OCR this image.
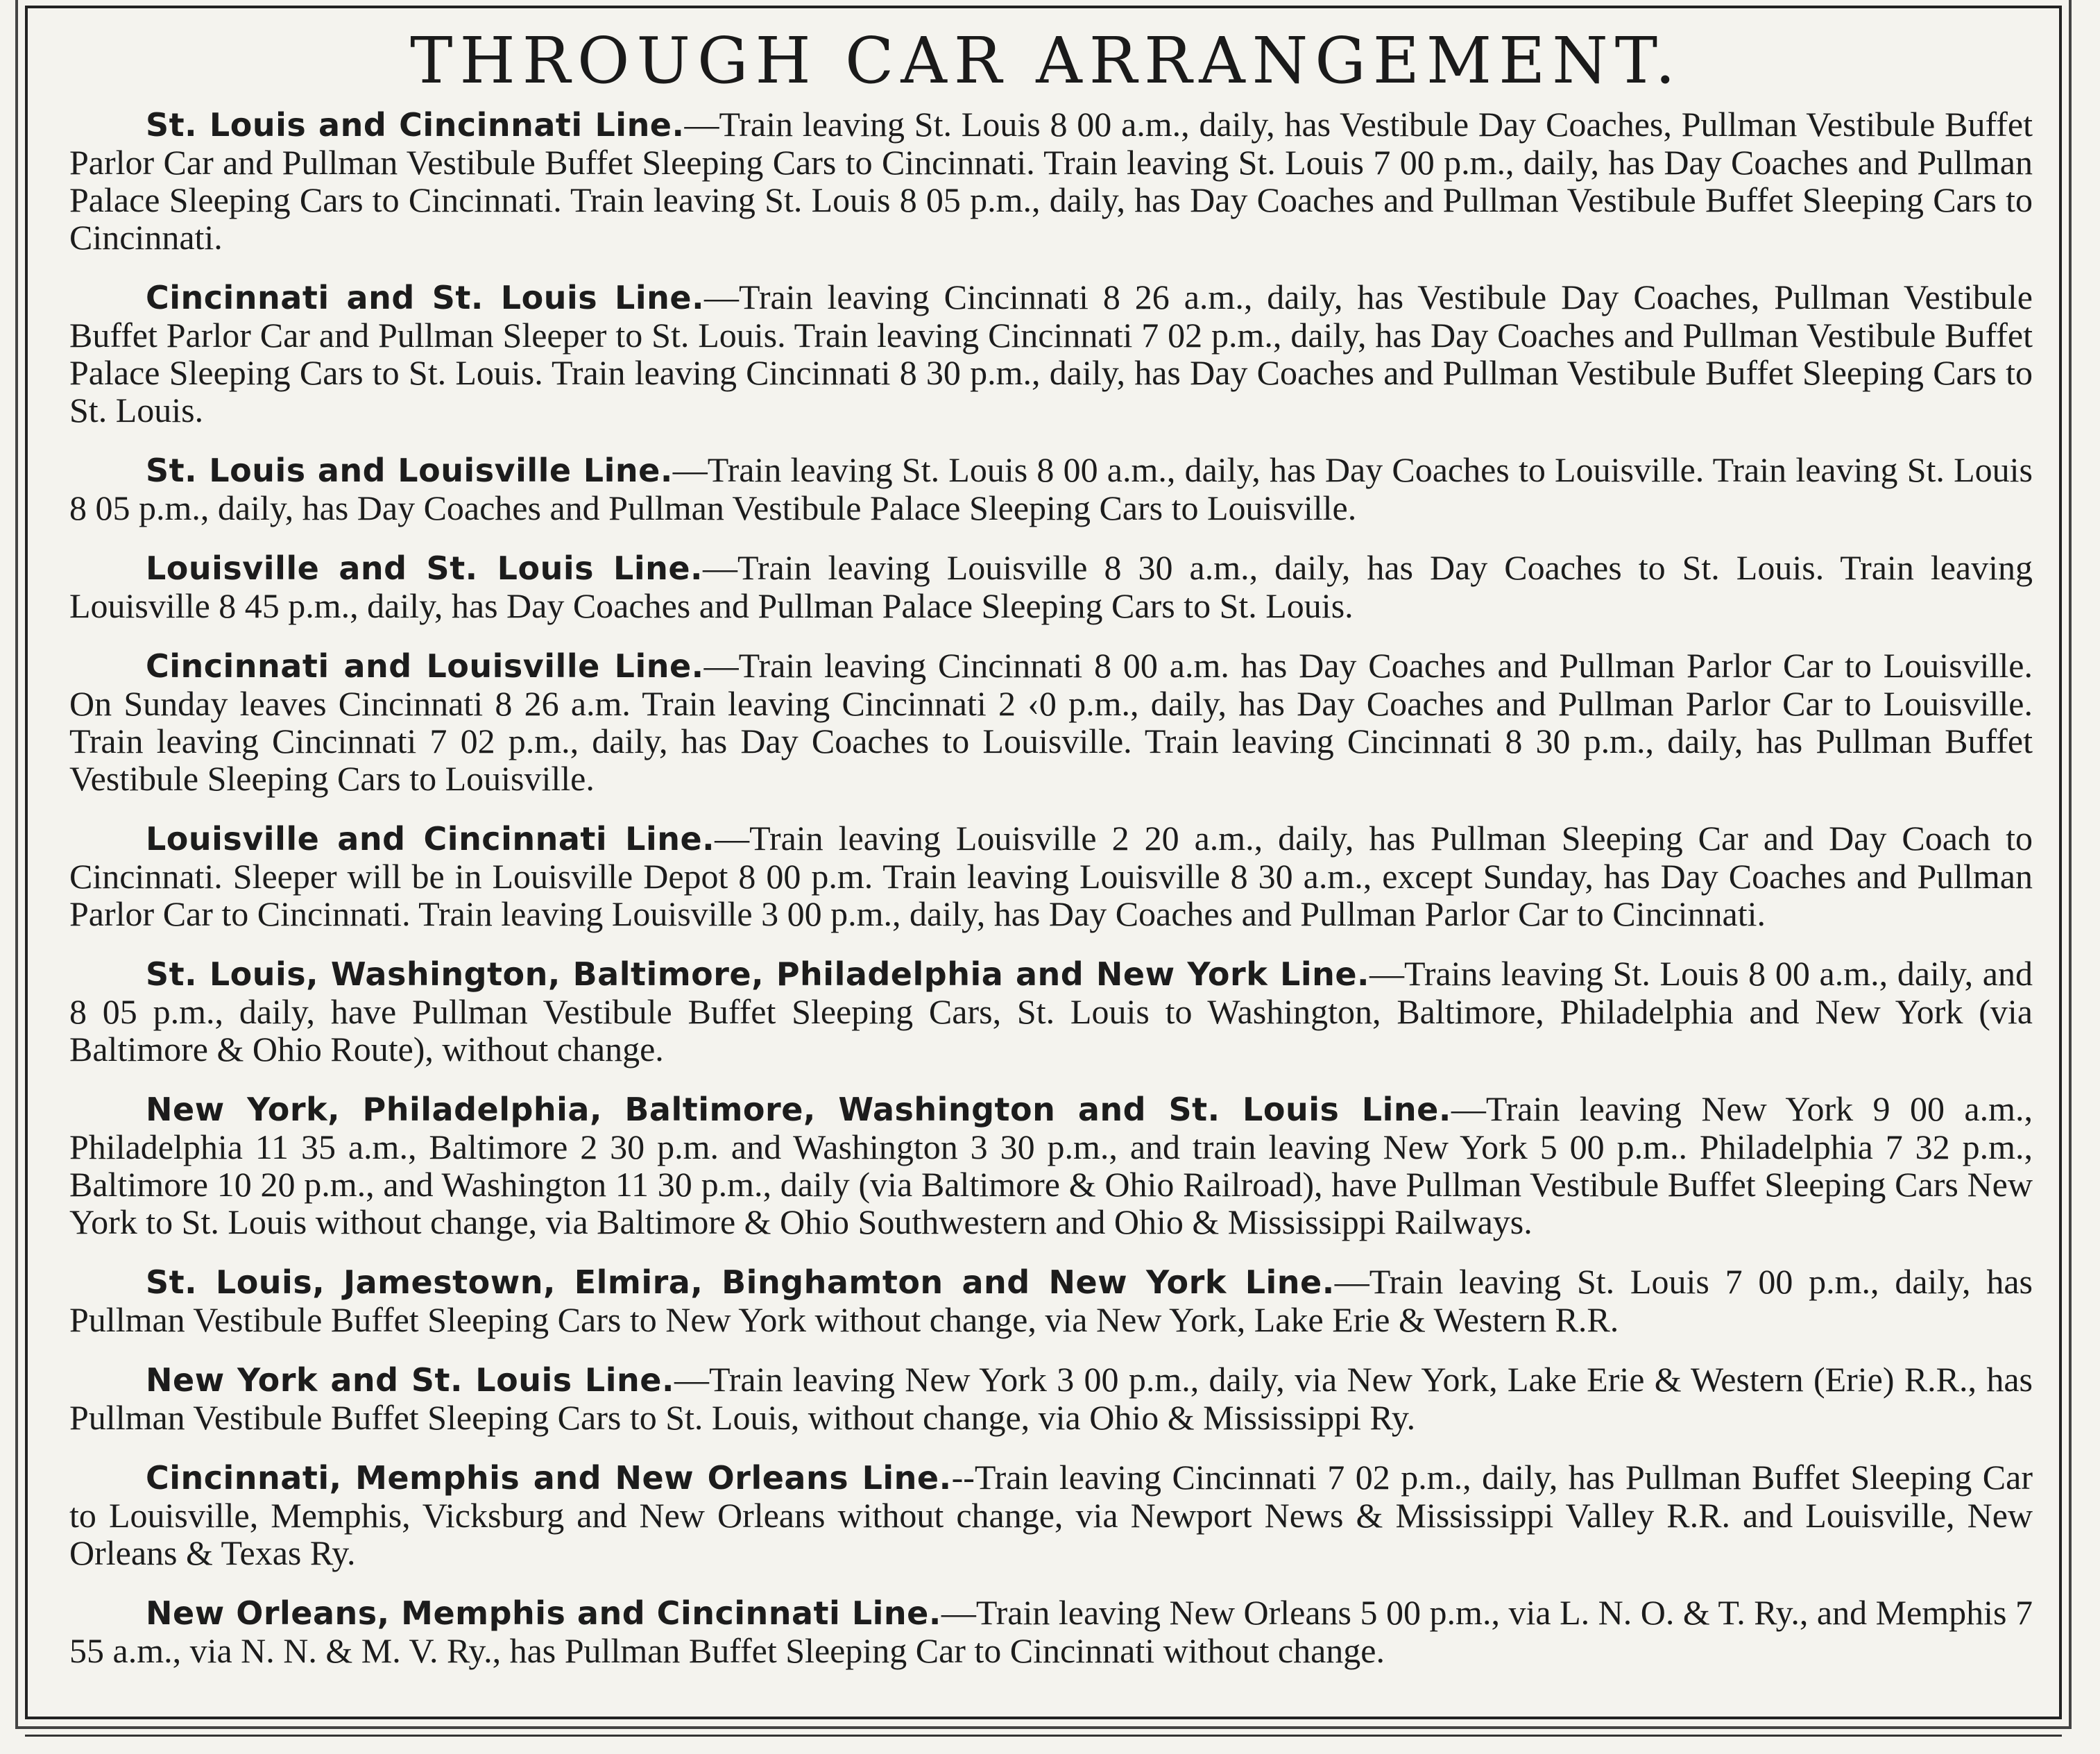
THROUGH CAR ARRANGEMENT.

St. Louis and Cincinnati Line.—Train leaving St. Louis 8 00 a.m., daily, has Vestibule Day Coaches, Pullman Vestibule Buffet Parlor Car and Pullman Vestibule Buffet Sleeping Cars to Cincinnati. Train leaving St. Louis 7 00 p.m., daily, has Day Coaches and Pullman Palace Sleeping Cars to Cincinnati. Train leaving St. Louis 8 05 p.m., daily, has Day Coaches and Pullman Vestibule Buffet Sleeping Cars to Cincinnati.

Cincinnati and St. Louis Line.—Train leaving Cincinnati 8 26 a.m., daily, has Vestibule Day Coaches, Pullman Vestibule Buffet Parlor Car and Pullman Sleeper to St. Louis. Train leaving Cincinnati 7 02 p.m., daily, has Day Coaches and Pullman Vestibule Buffet Palace Sleeping Cars to St. Louis. Train leaving Cincinnati 8 30 p.m., daily, has Day Coaches and Pullman Vestibule Buffet Sleeping Cars to St. Louis.

St. Louis and Louisville Line.—Train leaving St. Louis 8 00 a.m., daily, has Day Coaches to Louisville. Train leaving St. Louis 8 05 p.m., daily, has Day Coaches and Pullman Vestibule Palace Sleeping Cars to Louisville.

Louisville and St. Louis Line.—Train leaving Louisville 8 30 a.m., daily, has Day Coaches to St. Louis. Train leaving Louisville 8 45 p.m., daily, has Day Coaches and Pullman Palace Sleeping Cars to St. Louis.

Cincinnati and Louisville Line.—Train leaving Cincinnati 8 00 a.m. has Day Coaches and Pullman Parlor Car to Louisville. On Sunday leaves Cincinnati 8 26 a.m. Train leaving Cincinnati 2 ‹0 p.m., daily, has Day Coaches and Pullman Parlor Car to Louisville. Train leaving Cincinnati 7 02 p.m., daily, has Day Coaches to Louisville. Train leaving Cincinnati 8 30 p.m., daily, has Pullman Buffet Vestibule Sleeping Cars to Louisville.

Louisville and Cincinnati Line.—Train leaving Louisville 2 20 a.m., daily, has Pullman Sleeping Car and Day Coach to Cincinnati. Sleeper will be in Louisville Depot 8 00 p.m. Train leaving Louisville 8 30 a.m., except Sunday, has Day Coaches and Pullman Parlor Car to Cincinnati. Train leaving Louisville 3 00 p.m., daily, has Day Coaches and Pullman Parlor Car to Cincinnati.

St. Louis, Washington, Baltimore, Philadelphia and New York Line.—Trains leaving St. Louis 8 00 a.m., daily, and 8 05 p.m., daily, have Pullman Vestibule Buffet Sleeping Cars, St. Louis to Washington, Baltimore, Philadelphia and New York (via Baltimore & Ohio Route), without change.

New York, Philadelphia, Baltimore, Washington and St. Louis Line.—Train leaving New York 9 00 a.m., Philadelphia 11 35 a.m., Baltimore 2 30 p.m. and Washington 3 30 p.m., and train leaving New York 5 00 p.m.. Philadelphia 7 32 p.m., Baltimore 10 20 p.m., and Washington 11 30 p.m., daily (via Baltimore & Ohio Railroad), have Pullman Vestibule Buffet Sleeping Cars New York to St. Louis without change, via Baltimore & Ohio Southwestern and Ohio & Mississippi Railways.

St. Louis, Jamestown, Elmira, Binghamton and New York Line.—Train leaving St. Louis 7 00 p.m., daily, has Pullman Vestibule Buffet Sleeping Cars to New York without change, via New York, Lake Erie & Western R.R.

New York and St. Louis Line.—Train leaving New York 3 00 p.m., daily, via New York, Lake Erie & Western (Erie) R.R., has Pullman Vestibule Buffet Sleeping Cars to St. Louis, without change, via Ohio & Mississippi Ry.

Cincinnati, Memphis and New Orleans Line.--Train leaving Cincinnati 7 02 p.m., daily, has Pullman Buffet Sleeping Car to Louisville, Memphis, Vicksburg and New Orleans without change, via Newport News & Mississippi Valley R.R. and Louisville, New Orleans & Texas Ry.

New Orleans, Memphis and Cincinnati Line.—Train leaving New Orleans 5 00 p.m., via L. N. O. & T. Ry., and Memphis 7 55 a.m., via N. N. & M. V. Ry., has Pullman Buffet Sleeping Car to Cincinnati without change.
